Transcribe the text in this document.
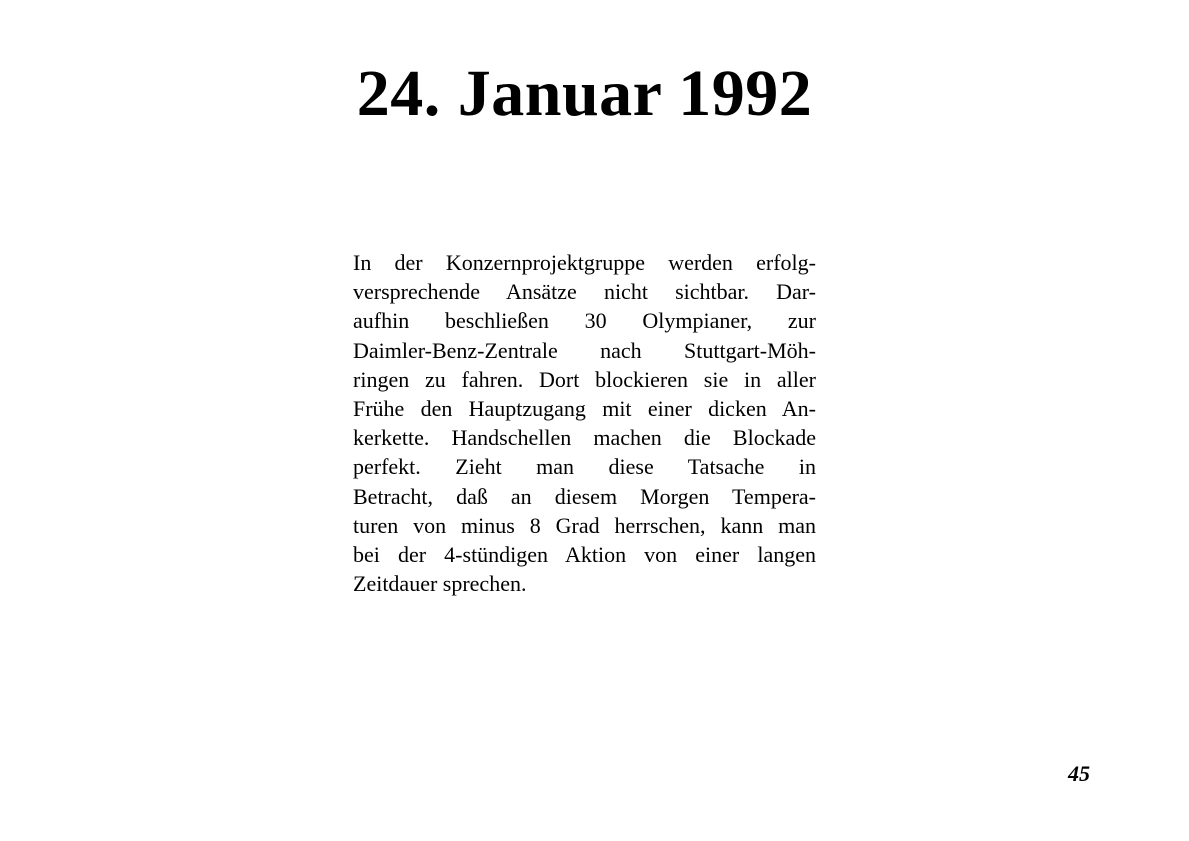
24. Januar 1992
In der Konzernprojektgruppe werden erfolg-
versprechende Ansätze nicht sichtbar. Dar-
aufhin beschließen 30 Olympianer, zur
Daimler-Benz-Zentrale nach Stuttgart-Möh-
ringen zu fahren. Dort blockieren sie in aller
Frühe den Hauptzugang mit einer dicken An-
kerkette. Handschellen machen die Blockade
perfekt. Zieht man diese Tatsache in
Betracht, daß an diesem Morgen Tempera-
turen von minus 8 Grad herrschen, kann man
bei der 4-stündigen Aktion von einer langen
Zeitdauer sprechen.
45
